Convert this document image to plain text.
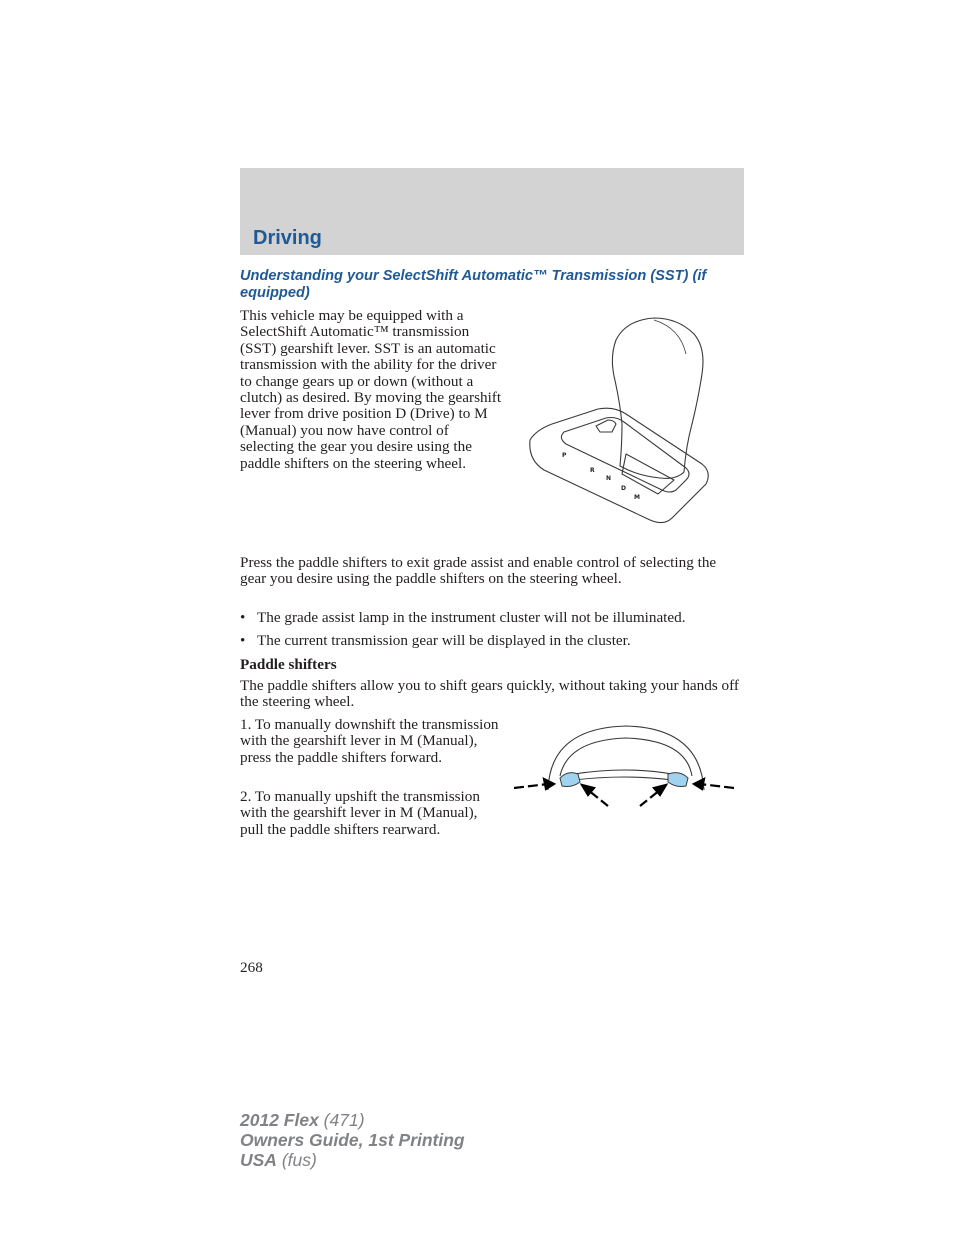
Driving
Understanding your SelectShift Automatic™ Transmission (SST) (if equipped)
This vehicle may be equipped with a SelectShift Automatic™ transmission (SST) gearshift lever. SST is an automatic transmission with the ability for the driver to change gears up or down (without a clutch) as desired. By moving the gearshift lever from drive position D (Drive) to M (Manual) you now have control of selecting the gear you desire using the paddle shifters on the steering wheel.	P
R
N
D
M
Press the paddle shifters to exit grade assist and enable control of selecting the gear you desire using the paddle shifters on the steering wheel.
• The grade assist lamp in the instrument cluster will not be illuminated.
• The current transmission gear will be displayed in the cluster.
Paddle shifters
The paddle shifters allow you to shift gears quickly, without taking your hands off the steering wheel.
1. To manually downshift the transmission with the gearshift lever in M (Manual), press the paddle shifters forward.
2. To manually upshift the transmission with the gearshift lever in M (Manual), pull the paddle shifters rearward.
268
2012 Flex (471)
Owners Guide, 1st Printing
USA (fus)
